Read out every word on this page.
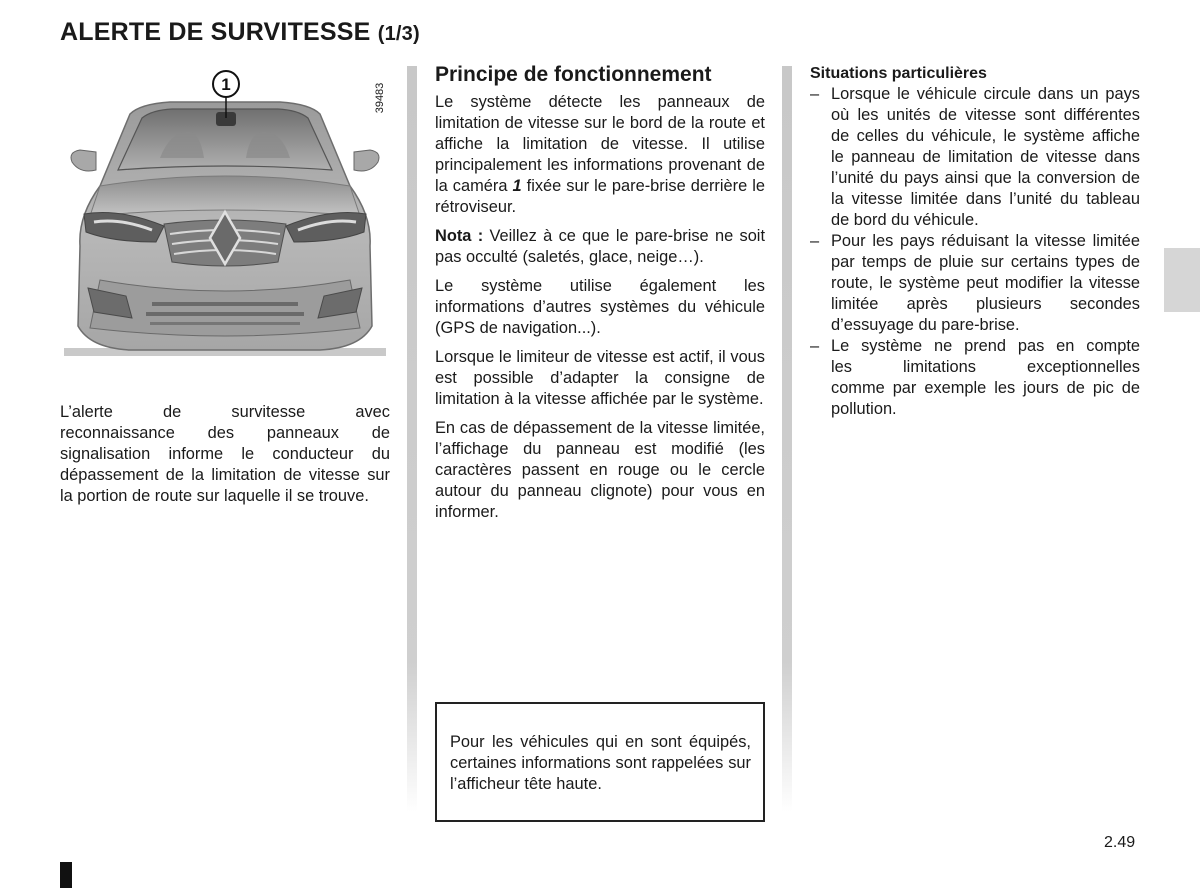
ALERTE DE SURVITESSE (1/3)
1	39483

L’alerte de survitesse avec
reconnaissance des panneaux de signalisation informe le conducteur du dépassement de la limitation de vitesse sur la portion de route sur laquelle il se trouve.

Principe de fonctionnement

Le système détecte les panneaux de limitation de vitesse sur le bord de la route et affiche la limitation de vitesse. Il utilise principalement les informations provenant de la caméra 1 fixée sur le pare-brise derrière le rétroviseur.

Nota : Veillez à ce que le pare-brise ne soit pas occulté (saletés, glace, neige…).

Le système utilise également les informations d’autres systèmes du véhicule (GPS de navigation...).

Lorsque le limiteur de vitesse est actif, il vous est possible d’adapter la consigne de limitation à la vitesse affichée par le système.

En cas de dépassement de la vitesse limitée, l’affichage du panneau est modifié (les caractères passent en rouge ou le cercle autour du panneau clignote) pour vous en informer.

Pour les véhicules qui en sont équipés, certaines informations sont rappelées sur l’afficheur tête haute.
Situations particulières
– Lorsque le véhicule circule dans un pays où les unités de vitesse sont différentes de celles du véhicule, le système affiche le panneau de limitation de vitesse dans l’unité du pays ainsi que la conversion de la vitesse limitée dans l’unité du tableau de bord du véhicule.
– Pour les pays réduisant la vitesse limitée par temps de pluie sur certains types de route, le système peut modifier la vitesse limitée après plusieurs secondes d’essuyage du pare-brise.
– Le système ne prend pas en compte
les limitations exceptionnelles
comme par exemple les jours de pic de pollution.
2.49
